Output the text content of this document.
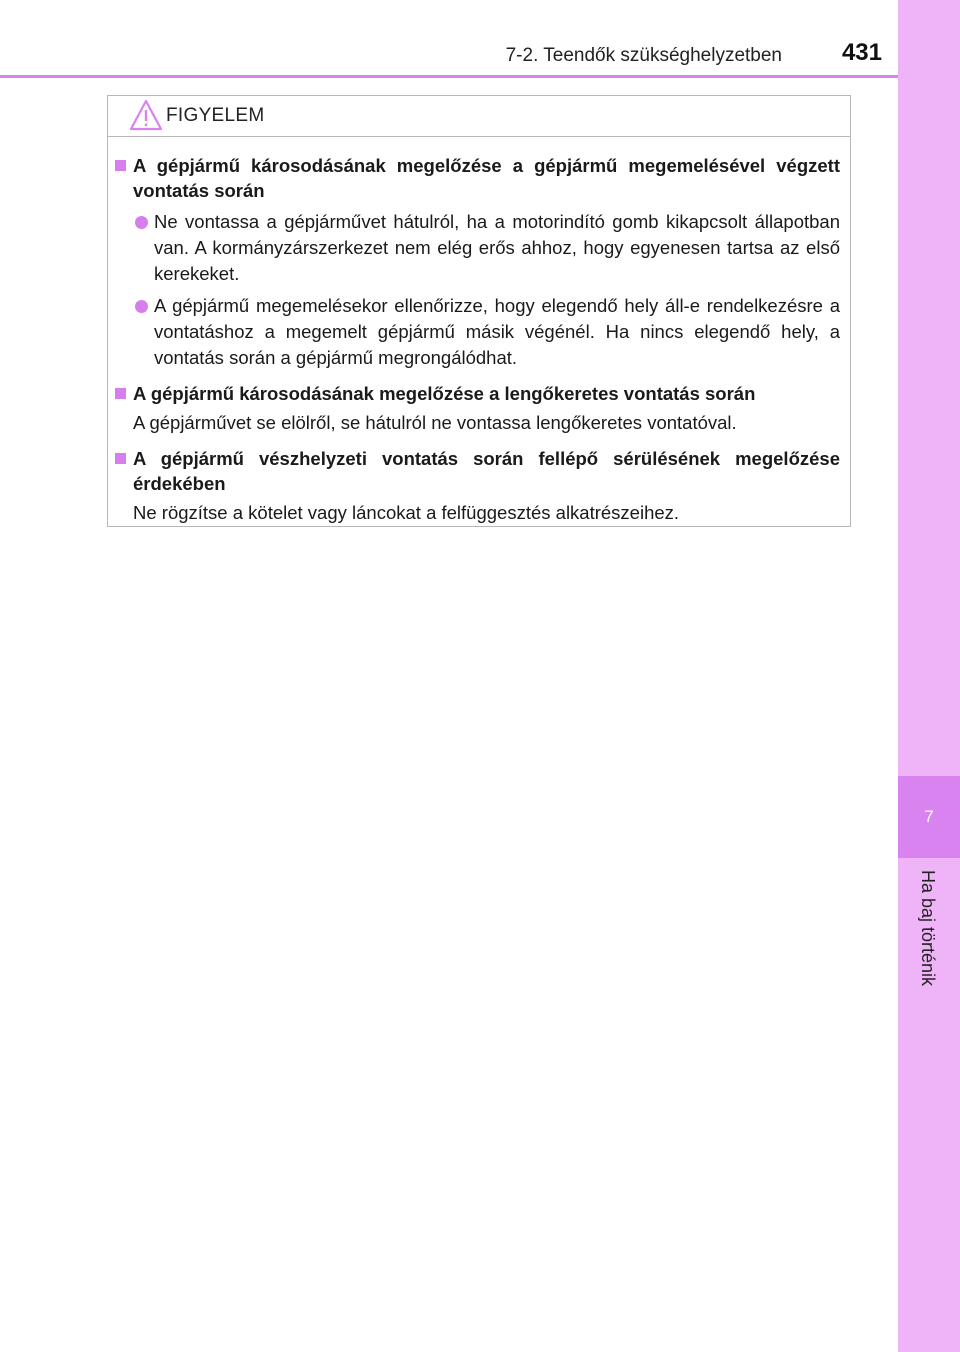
7
Ha baj történik
7-2. Teendők szükséghelyzetben 431
FIGYELEM
A gépjármű károsodásának megelőzése a gépjármű megemelésével végzett vontatás során
Ne vontassa a gépjárművet hátulról, ha a motorindító gomb kikapcsolt állapotban van. A kormányzárszerkezet nem elég erős ahhoz, hogy egyenesen tartsa az első kerekeket.
A gépjármű megemelésekor ellenőrizze, hogy elegendő hely áll-e rendelkezésre a vontatáshoz a megemelt gépjármű másik végénél. Ha nincs elegendő hely, a vontatás során a gépjármű megrongálódhat.
A gépjármű károsodásának megelőzése a lengőkeretes vontatás során
A gépjárművet se elölről, se hátulról ne vontassa lengőkeretes vontatóval.
A gépjármű vészhelyzeti vontatás során fellépő sérülésének megelőzése érdekében
Ne rögzítse a kötelet vagy láncokat a felfüggesztés alkatrészeihez.
